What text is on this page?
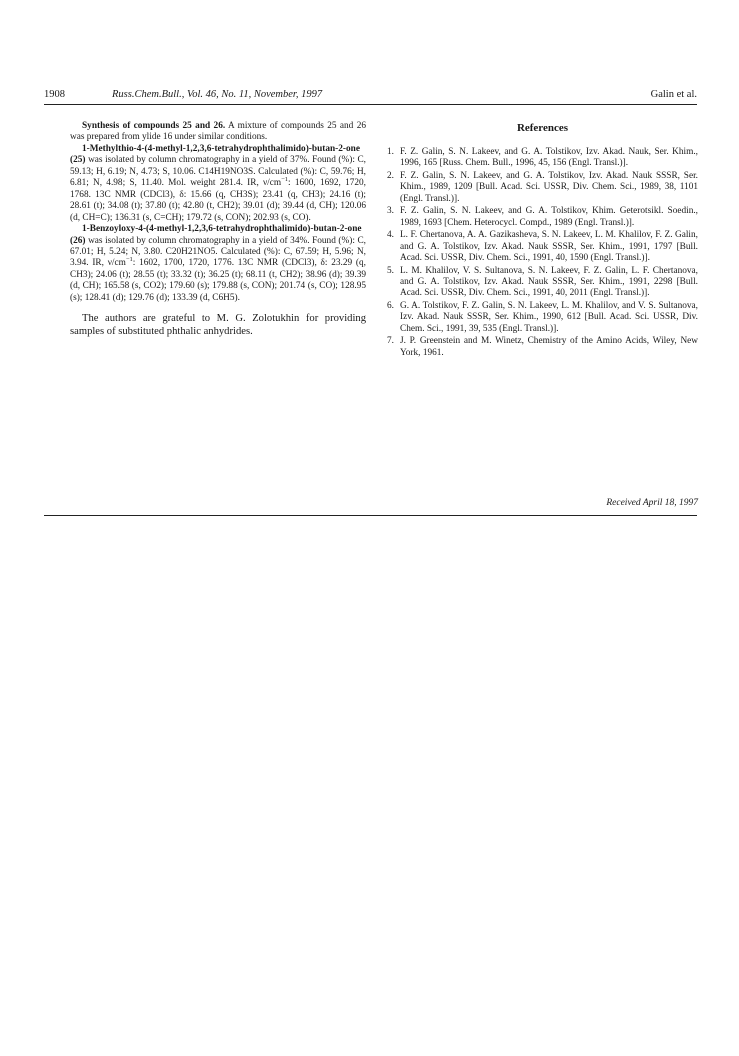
1908	Russ.Chem.Bull., Vol. 46, No. 11, November, 1997	Galin et al.

Synthesis of compounds 25 and 26. A mixture of compounds 25 and 26 was prepared from ylide 16 under similar conditions.

1-Methylthio-4-(4-methyl-1,2,3,6-tetrahydrophthalimido)-butan-2-one (25) was isolated by column chromatography in a yield of 37%. Found (%): C, 59.13; H, 6.19; N, 4.73; S, 10.06. C14H19NO3S. Calculated (%): C, 59.76; H, 6.81; N, 4.98; S, 11.40. Mol. weight 281.4. IR, $\nu/cm^{-1}$: 1600, 1692, 1720, 1768. 13C NMR (CDCl3), δ: 15.66 (q, CH3S); 23.41 (q, CH3); 24.16 (t); 28.61 (t); 34.08 (t); 37.80 (t); 42.80 (t, CH2); 39.01 (d); 39.44 (d, CH); 120.06 (d, CH=C); 136.31 (s, C=CH); 179.72 (s, CON); 202.93 (s, CO).

1-Benzoyloxy-4-(4-methyl-1,2,3,6-tetrahydrophthalimido)-butan-2-one (26) was isolated by column chromatography in a yield of 34%. Found (%): C, 67.01; H, 5.24; N, 3.80. C20H21NO5. Calculated (%): C, 67.59; H, 5.96; N, 3.94. IR, $\nu/cm^{-1}$: 1602, 1700, 1720, 1776. 13C NMR (CDCl3), δ: 23.29 (q, CH3); 24.06 (t); 28.55 (t); 33.32 (t); 36.25 (t); 68.11 (t, CH2); 38.96 (d); 39.39 (d, CH); 165.58 (s, CO2); 179.60 (s); 179.88 (s, CON); 201.74 (s, CO); 128.95 (s); 128.41 (d); 129.76 (d); 133.39 (d, C6H5).

The authors are grateful to M. G. Zolotukhin for providing samples of substituted phthalic anhydrides.

References
1. F. Z. Galin, S. N. Lakeev, and G. A. Tolstikov, Izv. Akad. Nauk, Ser. Khim., 1996, 165 [Russ. Chem. Bull., 1996, 45, 156 (Engl. Transl.)].
2. F. Z. Galin, S. N. Lakeev, and G. A. Tolstikov, Izv. Akad. Nauk SSSR, Ser. Khim., 1989, 1209 [Bull. Acad. Sci. USSR, Div. Chem. Sci., 1989, 38, 1101 (Engl. Transl.)].
3. F. Z. Galin, S. N. Lakeev, and G. A. Tolstikov, Khim. Geterotsikl. Soedin., 1989, 1693 [Chem. Heterocycl. Compd., 1989 (Engl. Transl.)].
4. L. F. Chertanova, A. A. Gazikasheva, S. N. Lakeev, L. M. Khalilov, F. Z. Galin, and G. A. Tolstikov, Izv. Akad. Nauk SSSR, Ser. Khim., 1991, 1797 [Bull. Acad. Sci. USSR, Div. Chem. Sci., 1991, 40, 1590 (Engl. Transl.)].
5. L. M. Khalilov, V. S. Sultanova, S. N. Lakeev, F. Z. Galin, L. F. Chertanova, and G. A. Tolstikov, Izv. Akad. Nauk SSSR, Ser. Khim., 1991, 2298 [Bull. Acad. Sci. USSR, Div. Chem. Sci., 1991, 40, 2011 (Engl. Transl.)].
6. G. A. Tolstikov, F. Z. Galin, S. N. Lakeev, L. M. Khalilov, and V. S. Sultanova, Izv. Akad. Nauk SSSR, Ser. Khim., 1990, 612 [Bull. Acad. Sci. USSR, Div. Chem. Sci., 1991, 39, 535 (Engl. Transl.)].
7. J. P. Greenstein and M. Winetz, Chemistry of the Amino Acids, Wiley, New York, 1961.
Received April 18, 1997
